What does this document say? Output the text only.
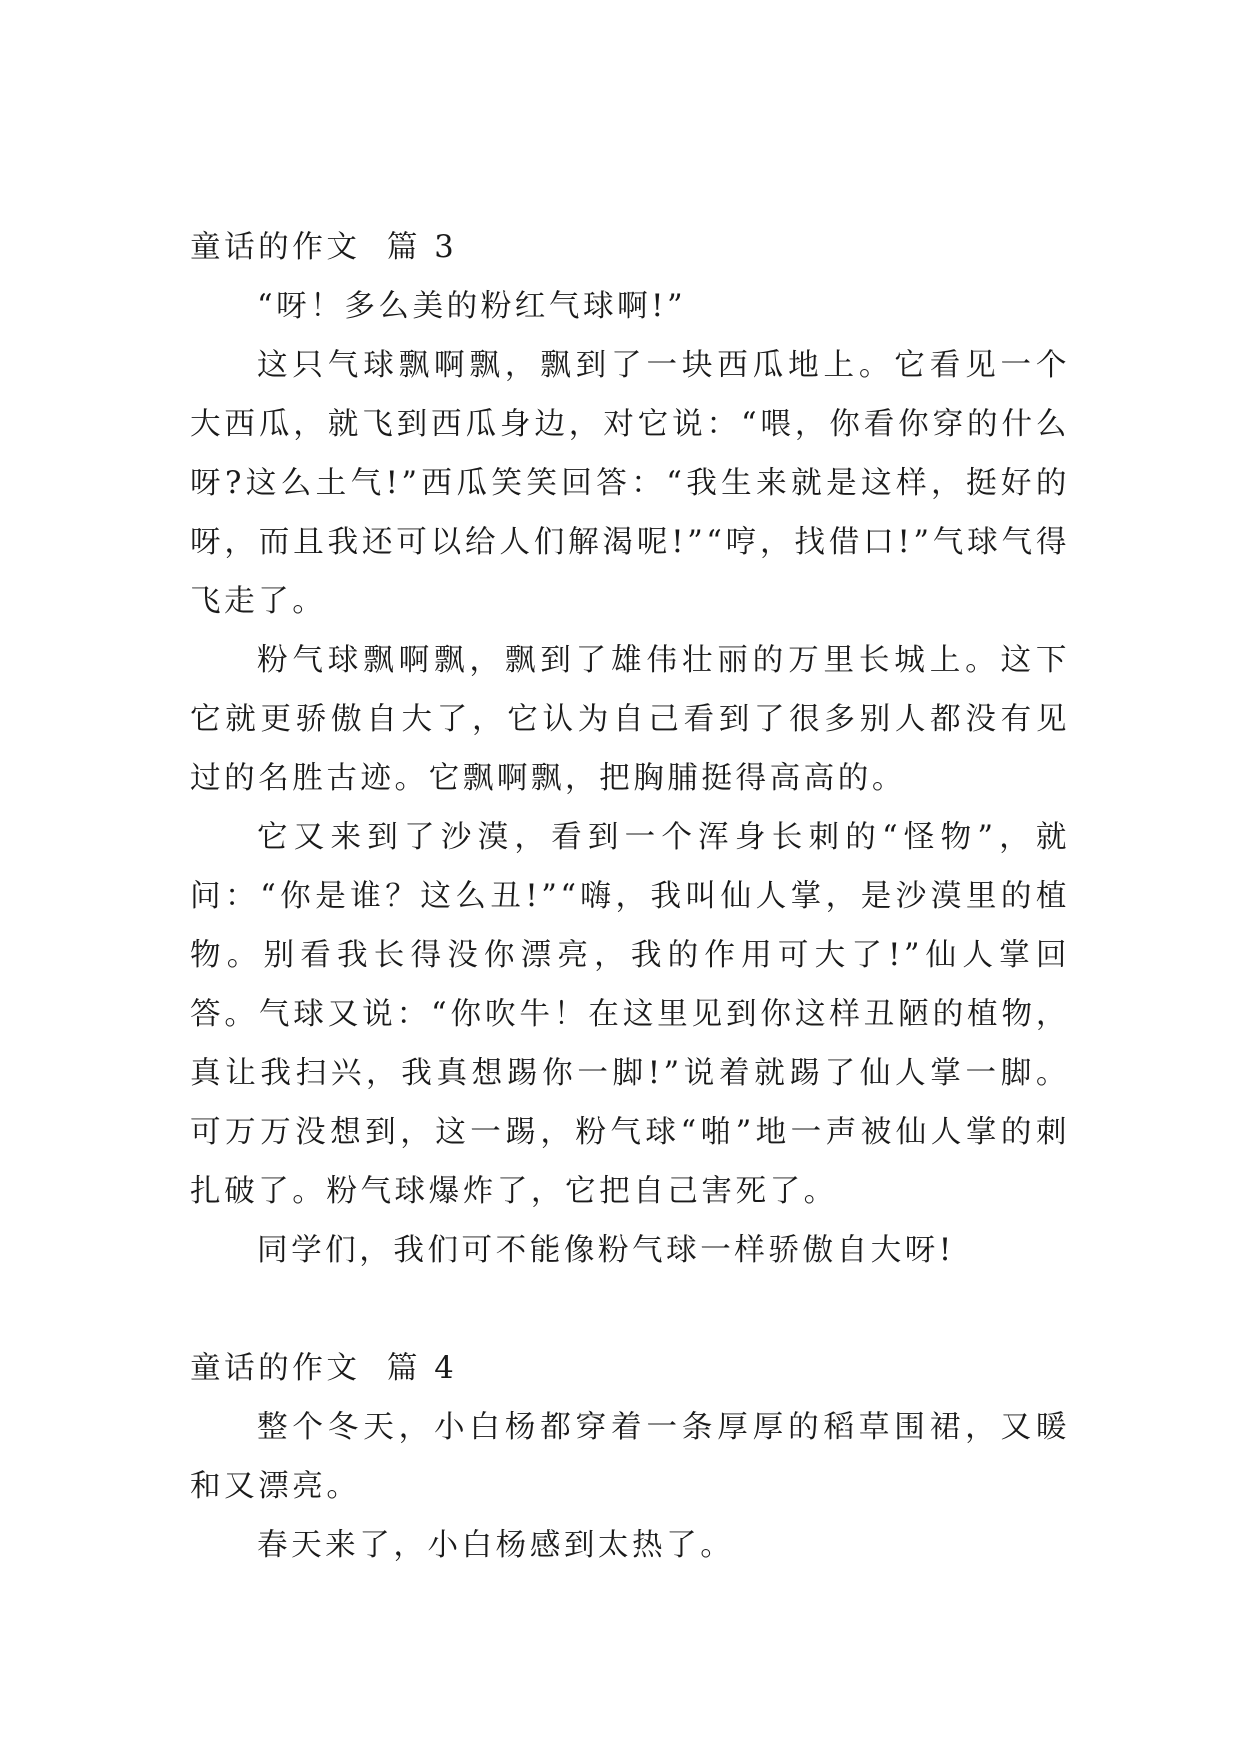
童话的作文  篇 3

“呀！多么美的粉红气球啊!”

这只气球飘啊飘，飘到了一块西瓜地上。它看见一个大西瓜，就飞到西瓜身边，对它说：“喂，你看你穿的什么呀?这么土气!”西瓜笑笑回答：“我生来就是这样，挺好的呀，而且我还可以给人们解渴呢!”“哼，找借口!”气球气得飞走了。

粉气球飘啊飘，飘到了雄伟壮丽的万里长城上。这下它就更骄傲自大了，它认为自己看到了很多别人都没有见过的名胜古迹。它飘啊飘，把胸脯挺得高高的。

它又来到了沙漠，看到一个浑身长刺的“怪物”，就问：“你是谁？这么丑!”“嗨，我叫仙人掌，是沙漠里的植物。别看我长得没你漂亮，我的作用可大了!”仙人掌回答。气球又说：“你吹牛！在这里见到你这样丑陋的植物，真让我扫兴，我真想踢你一脚!”说着就踢了仙人掌一脚。可万万没想到，这一踢，粉气球“啪”地一声被仙人掌的刺扎破了。粉气球爆炸了，它把自己害死了。

同学们，我们可不能像粉气球一样骄傲自大呀!

童话的作文  篇 4

整个冬天，小白杨都穿着一条厚厚的稻草围裙，又暖和又漂亮。

春天来了，小白杨感到太热了。
